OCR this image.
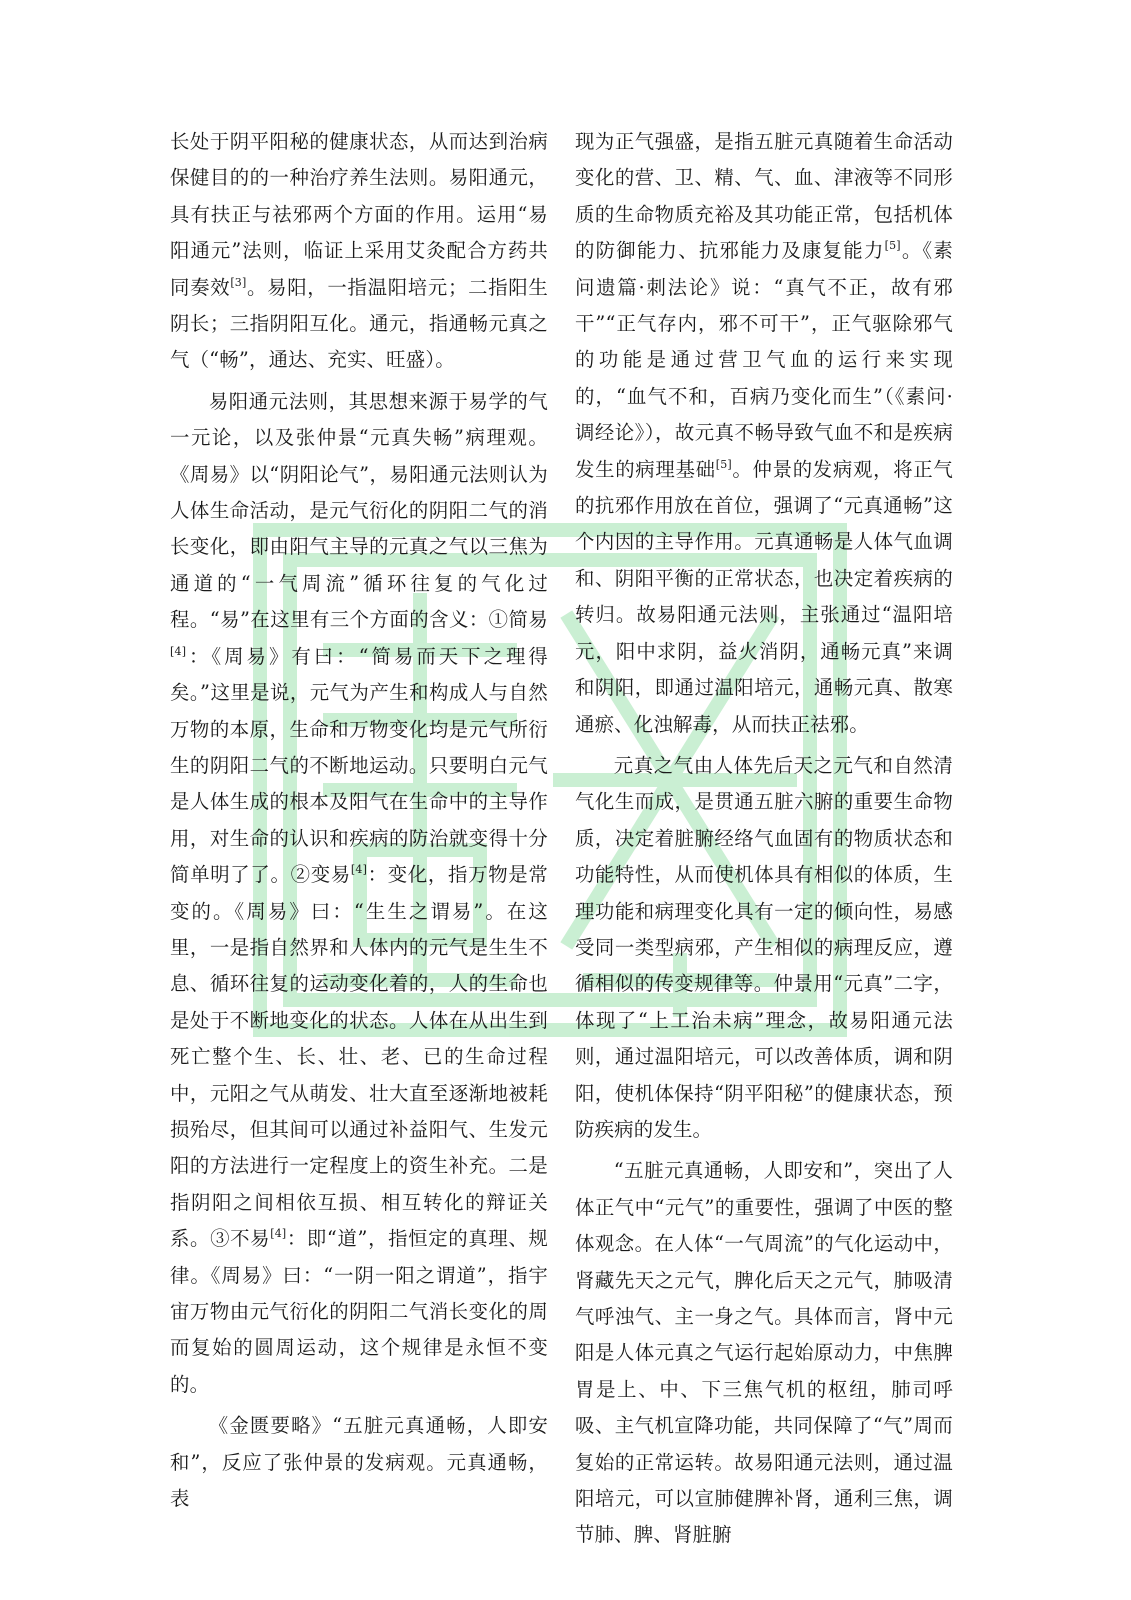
长处于阴平阳秘的健康状态，从而达到治病保健目的的一种治疗养生法则。易阳通元，具有扶正与祛邪两个方面的作用。运用“易阳通元”法则，临证上采用艾灸配合方药共同奏效[3]。易阳，一指温阳培元；二指阳生阴长；三指阴阳互化。通元，指通畅元真之气（“畅”，通达、充实、旺盛）。

易阳通元法则，其思想来源于易学的气一元论，以及张仲景“元真失畅”病理观。《周易》以“阴阳论气”，易阳通元法则认为人体生命活动，是元气衍化的阴阳二气的消长变化，即由阳气主导的元真之气以三焦为通道的“一气周流”循环往复的气化过程。“易”在这里有三个方面的含义：①简易[4]：《周易》有曰：“简易而天下之理得矣。”这里是说，元气为产生和构成人与自然万物的本原，生命和万物变化均是元气所衍生的阴阳二气的不断地运动。只要明白元气是人体生成的根本及阳气在生命中的主导作用，对生命的认识和疾病的防治就变得十分简单明了了。②变易[4]：变化，指万物是常变的。《周易》曰：“生生之谓易”。在这里，一是指自然界和人体内的元气是生生不息、循环往复的运动变化着的，人的生命也是处于不断地变化的状态。人体在从出生到死亡整个生、长、壮、老、已的生命过程中，元阳之气从萌发、壮大直至逐渐地被耗损殆尽，但其间可以通过补益阳气、生发元阳的方法进行一定程度上的资生补充。二是指阴阳之间相依互损、相互转化的辩证关系。③不易[4]：即“道”，指恒定的真理、规律。《周易》曰：“一阴一阳之谓道”，指宇宙万物由元气衍化的阴阳二气消长变化的周而复始的圆周运动，这个规律是永恒不变的。

《金匮要略》“五脏元真通畅，人即安和”，反应了张仲景的发病观。元真通畅，表

现为正气强盛，是指五脏元真随着生命活动变化的营、卫、精、气、血、津液等不同形质的生命物质充裕及其功能正常，包括机体的防御能力、抗邪能力及康复能力[5]。《素问遗篇·刺法论》说：“真气不正，故有邪干”“正气存内，邪不可干”，正气驱除邪气的功能是通过营卫气血的运行来实现的，“血气不和，百病乃变化而生”（《素问·调经论》），故元真不畅导致气血不和是疾病发生的病理基础[5]。仲景的发病观，将正气的抗邪作用放在首位，强调了“元真通畅”这个内因的主导作用。元真通畅是人体气血调和、阴阳平衡的正常状态，也决定着疾病的转归。故易阳通元法则，主张通过“温阳培元，阳中求阴，益火消阴，通畅元真”来调和阴阳，即通过温阳培元，通畅元真、散寒通瘀、化浊解毒，从而扶正祛邪。

元真之气由人体先后天之元气和自然清气化生而成，是贯通五脏六腑的重要生命物质，决定着脏腑经络气血固有的物质状态和功能特性，从而使机体具有相似的体质，生理功能和病理变化具有一定的倾向性，易感受同一类型病邪，产生相似的病理反应，遵循相似的传变规律等。仲景用“元真”二字，体现了“上工治未病”理念，故易阳通元法则，通过温阳培元，可以改善体质，调和阴阳，使机体保持“阴平阳秘”的健康状态，预防疾病的发生。

“五脏元真通畅，人即安和”，突出了人体正气中“元气”的重要性，强调了中医的整体观念。在人体“一气周流”的气化运动中，肾藏先天之元气，脾化后天之元气，肺吸清气呼浊气、主一身之气。具体而言，肾中元阳是人体元真之气运行起始原动力，中焦脾胃是上、中、下三焦气机的枢纽，肺司呼吸、主气机宣降功能，共同保障了“气”周而复始的正常运转。故易阳通元法则，通过温阳培元，可以宣肺健脾补肾，通利三焦，调节肺、脾、肾脏腑
